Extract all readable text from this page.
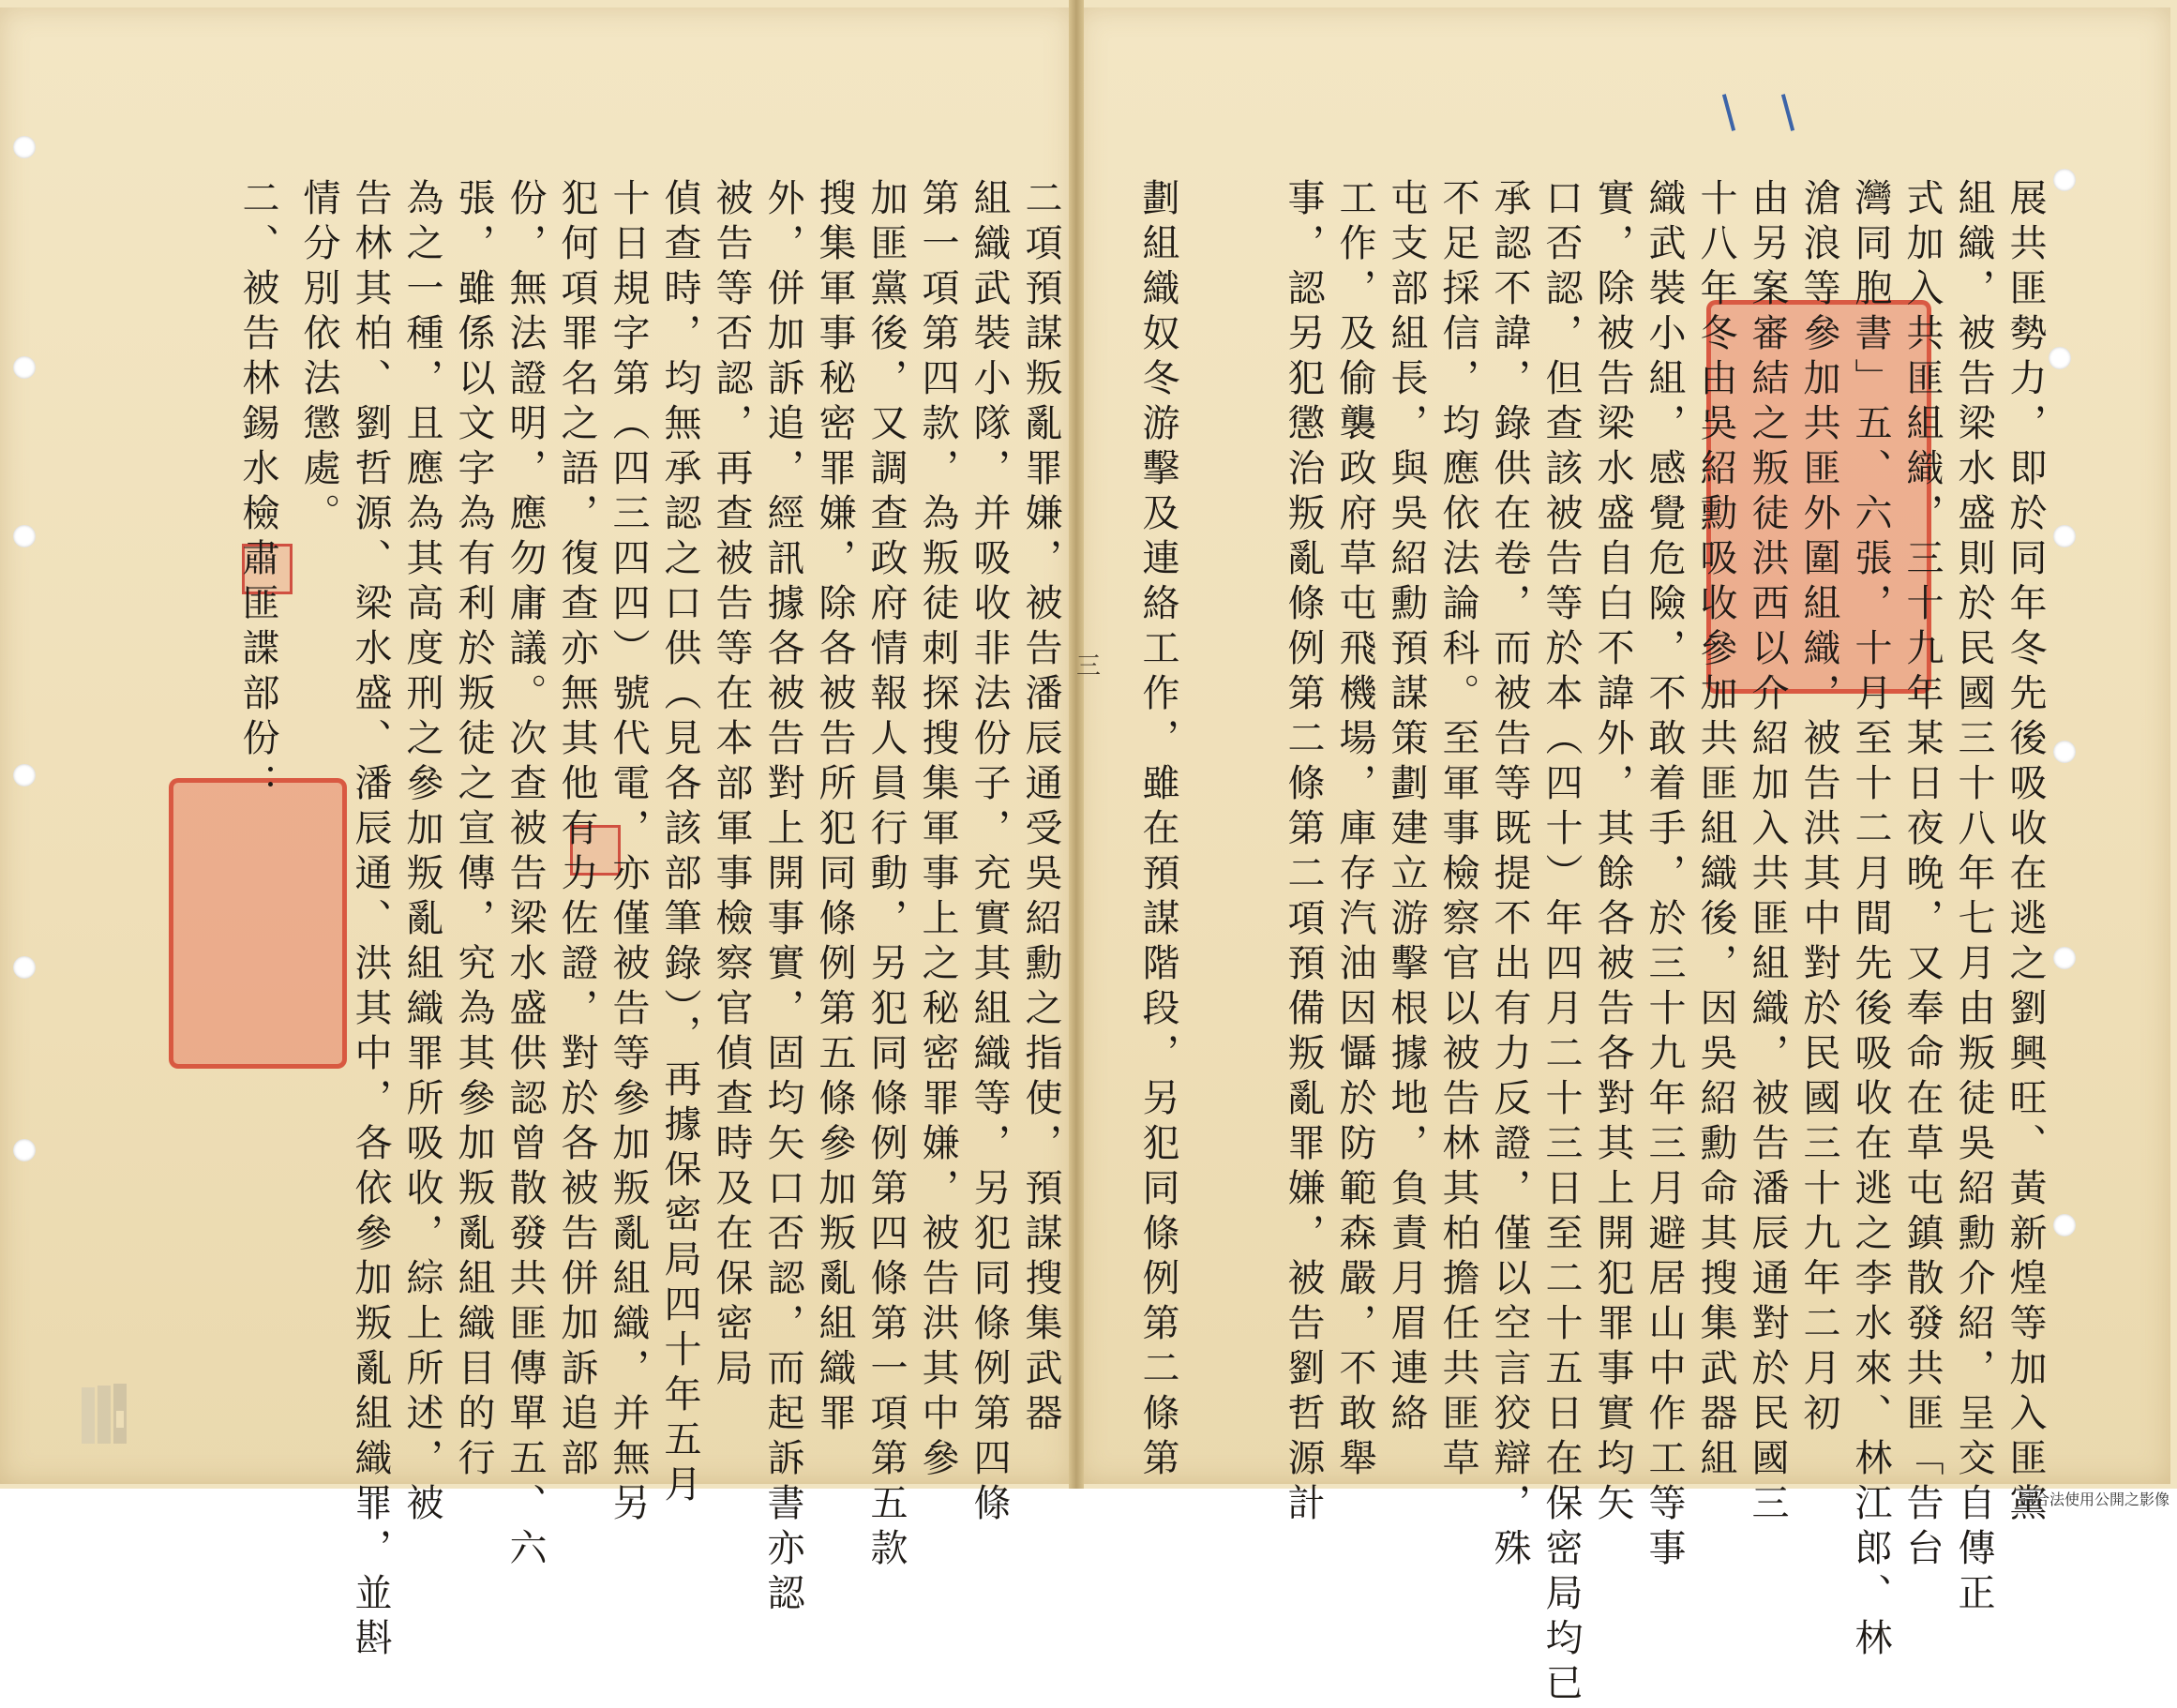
三	展共匪勢力，即於同年冬先後吸收在逃之劉興旺、黃新煌等加入匪黨
組織，被告梁水盛則於民國三十八年七月由叛徒吳紹勳介紹，呈交自傳正
式加入共匪組織，三十九年某日夜晚，又奉命在草屯鎮散發共匪「告台
灣同胞書」五、六張，十月至十二月間先後吸收在逃之李水來、林江郎、林
滄浪等參加共匪外圍組織，被告洪其中對於民國三十九年二月初
由另案審結之叛徒洪西以介紹加入共匪組織，被告潘辰通對於民國三
十八年冬由吳紹勳吸收參加共匪組織後，因吳紹勳命其搜集武器組
織武裝小組，感覺危險，不敢着手，於三十九年三月避居山中作工等事
實，除被告梁水盛自白不諱外，其餘各被告各對其上開犯罪事實均矢
口否認，但查該被告等於本（四十）年四月二十三日至二十五日在保密局均已
承認不諱，錄供在卷，而被告等既提不出有力反證，僅以空言狡辯，殊
不足採信，均應依法論科。至軍事檢察官以被告林其柏擔任共匪草
屯支部組長，與吳紹勳預謀策劃建立游擊根據地，負責月眉連絡
工作，及偷襲政府草屯飛機場，庫存汽油因懾於防範森嚴，不敢舉
事，認另犯懲治叛亂條例第二條第二項預備叛亂罪嫌，被告劉哲源計
劃組織奴冬游擊及連絡工作，雖在預謀階段，另犯同條例第二條第
二項預謀叛亂罪嫌，被告潘辰通受吳紹勳之指使，預謀搜集武器
組織武裝小隊，并吸收非法份子，充實其組織等，另犯同條例第四條
第一項第四款，為叛徒刺探搜集軍事上之秘密罪嫌，被告洪其中參
加匪黨後，又調查政府情報人員行動，另犯同條例第四條第一項第五款
搜集軍事秘密罪嫌，除各被告所犯同條例第五條參加叛亂組織罪
外，併加訴追，經訊據各被告對上開事實，固均矢口否認，而起訴書亦認
被告等否認，再查被告等在本部軍事檢察官偵查時及在保密局
偵查時，均無承認之口供（見各該部筆錄），再據保密局四十年五月
十日規字第（四三四四）號代電，亦僅被告等參加叛亂組織，并無另
犯何項罪名之語，復查亦無其他有力佐證，對於各被告併加訴追部
份，無法證明，應勿庸議。次查被告梁水盛供認曾散發共匪傳單五、六
張，雖係以文字為有利於叛徒之宣傳，究為其參加叛亂組織目的行
為之一種，且應為其高度刑之參加叛亂組織罪所吸收，綜上所述，被
告林其柏、劉哲源、梁水盛、潘辰通、洪其中，各依參加叛亂組織罪，並斟
情分別依法懲處。
二、被告林錫水檢肅匪諜部份：
請合法使用公開之影像
